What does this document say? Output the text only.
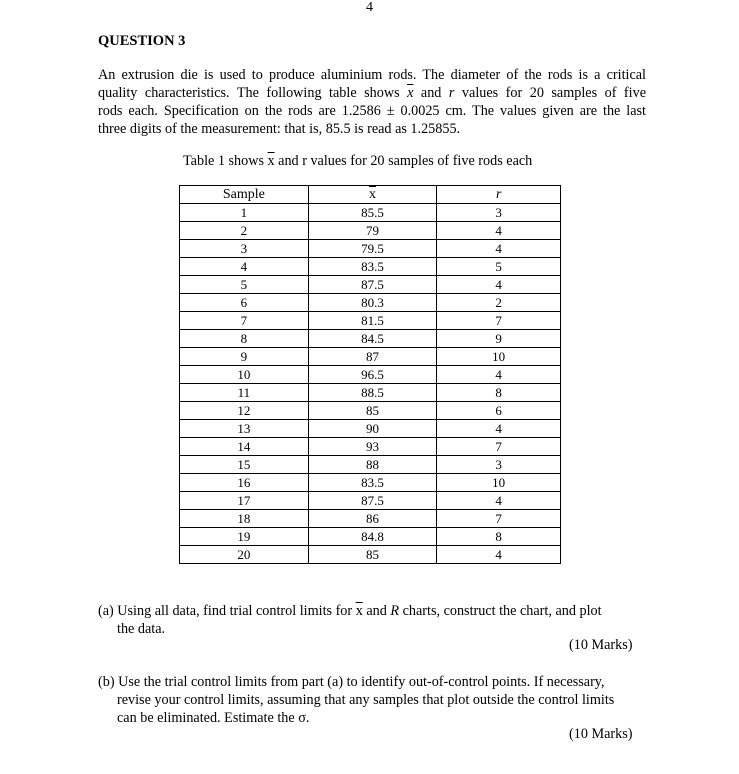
4
QUESTION 3
An extrusion die is used to produce aluminium rods. The diameter of the rods is a critical
quality characteristics. The following table shows $\overline{x}$ and r values for 20 samples of five
rods each. Specification on the rods are 1.2586 ± 0.0025 cm. The values given are the last
three digits of the measurement: that is, 85.5 is read as 1.25855.
Table 1 shows $\overline{x}$ and r values for 20 samples of five rods each
Sample	$\overline{x}$	r
1	85.5	3
2	79	4
3	79.5	4
4	83.5	5
5	87.5	4
6	80.3	2
7	81.5	7
8	84.5	9
9	87	10
10	96.5	4
11	88.5	8
12	85	6
13	90	4
14	93	7
15	88	3
16	83.5	10
17	87.5	4
18	86	7
19	84.8	8
20	85	4
(a) Using all data, find trial control limits for $\overline{x}$ and R charts, construct the chart, and plot
the data.
(10 Marks)
(b) Use the trial control limits from part (a) to identify out-of-control points. If necessary,
revise your control limits, assuming that any samples that plot outside the control limits
can be eliminated. Estimate the σ.
(10 Marks)
